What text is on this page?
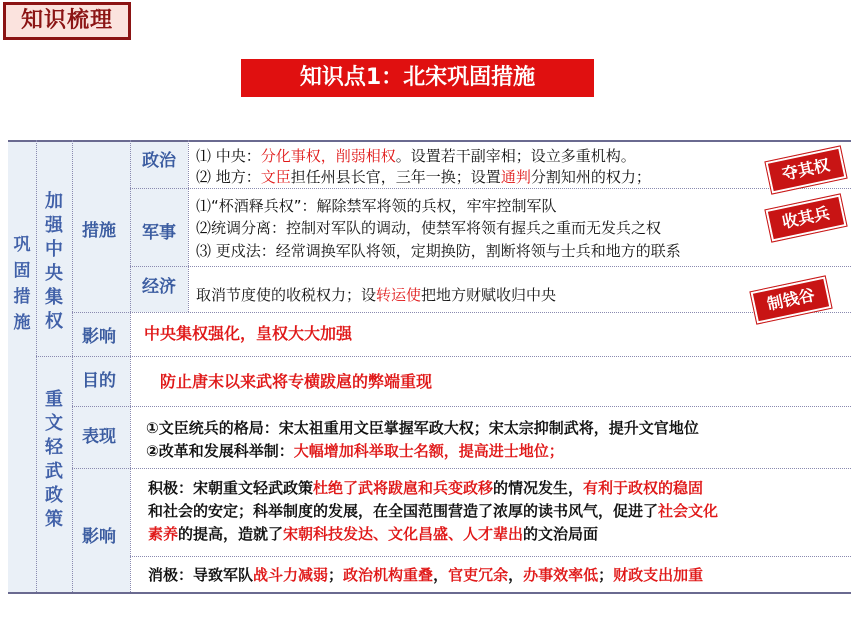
知识梳理
知识点1：北宋巩固措施
巩
固
措
施
加
强
中
央
集
权
措施
政治 ⑴ 中央：分化事权，削弱相权。设置若干副宰相；设立多重机构。
⑵ 地方：文臣担任州县长官，三年一换；设置通判分割知州的权力；
军事
⑴“杯酒释兵权”：解除禁军将领的兵权，牢牢控制军队
⑵统调分离：控制对军队的调动，使禁军将领有握兵之重而无发兵之权
⑶ 更戍法：经常调换军队将领，定期换防，割断将领与士兵和地方的联系
经济 取消节度使的收税权力；设转运使把地方财赋收归中央
夺其权
收其兵
制钱谷
影响 中央集权强化，皇权大大加强
重
文
轻
武
政
策
目的	防止唐末以来武将专横跋扈的弊端重现
表现 ①文臣统兵的格局：宋太祖重用文臣掌握军政大权；宋太宗抑制武将，提升文官地位
②改革和发展科举制：大幅增加科举取士名额，提高进士地位；
影响
积极：宋朝重文轻武政策杜绝了武将跋扈和兵变政移的情况发生，有利于政权的稳固
和社会的安定；科举制度的发展，在全国范围营造了浓厚的读书风气，促进了社会文化
素养的提高，造就了宋朝科技发达、文化昌盛、人才辈出的文治局面
消极：导致军队战斗力减弱；政治机构重叠，官吏冗余，办事效率低；财政支出加重
